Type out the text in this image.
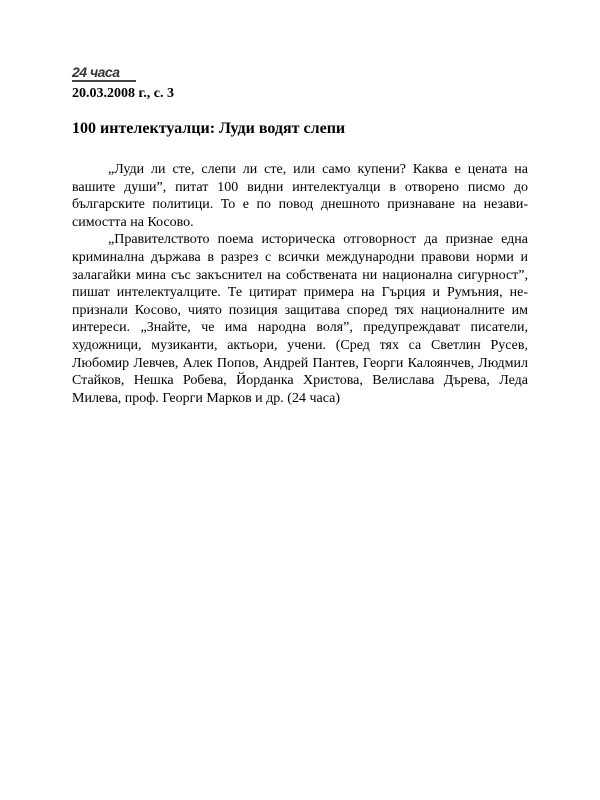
24 часа
20.03.2008 г., с. 3
100 интелектуалци: Луди водят слепи

„Луди ли сте, слепи ли сте, или само купени? Каква е цената на вашите души”, питат 100 видни интелектуалци в отворено писмо до българските политици. То е по повод днешното признаване на независимостта на Косово.

„Правителството поема историческа отговорност да признае една криминална държава в разрез с всички международни правови норми и залагайки мина със закъснител на собствената ни национална сигурност”, пишат интелектуалците. Те цитират примера на Гърция и Румъния, непризнали Косово, чиято позиция защитава според тях националните им интереси. „Знайте, че има народна воля”, предупреждават писатели, художници, музиканти, актьори, учени. (Сред тях са Светлин Русев, Любомир Левчев, Алек Попов, Андрей Пантев, Георги Калоянчев, Людмил Стайков, Нешка Робева, Йорданка Христова, Велислава Дърева, Леда Милева, проф. Георги Марков и др. (24 часа)
